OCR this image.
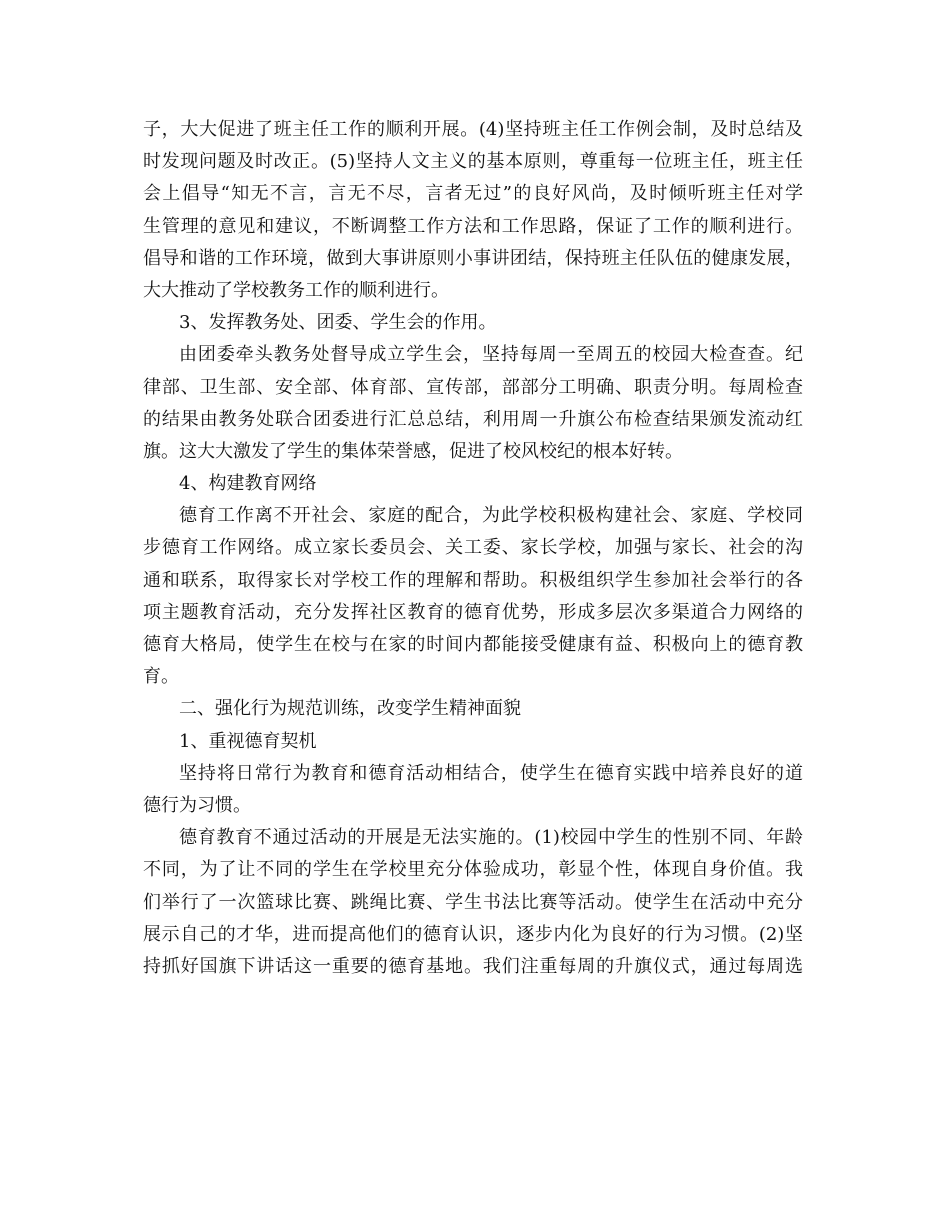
子，大大促进了班主任工作的顺利开展。(4)坚持班主任工作例会制，及时总结及
时发现问题及时改正。(5)坚持人文主义的基本原则，尊重每一位班主任，班主任
会上倡导“知无不言，言无不尽，言者无过”的良好风尚，及时倾听班主任对学
生管理的意见和建议，不断调整工作方法和工作思路，保证了工作的顺利进行。
倡导和谐的工作环境，做到大事讲原则小事讲团结，保持班主任队伍的健康发展，
大大推动了学校教务工作的顺利进行。
3、发挥教务处、团委、学生会的作用。
由团委牵头教务处督导成立学生会，坚持每周一至周五的校园大检查查。纪
律部、卫生部、安全部、体育部、宣传部，部部分工明确、职责分明。每周检查
的结果由教务处联合团委进行汇总总结，利用周一升旗公布检查结果颁发流动红
旗。这大大激发了学生的集体荣誉感，促进了校风校纪的根本好转。
4、构建教育网络
德育工作离不开社会、家庭的配合，为此学校积极构建社会、家庭、学校同
步德育工作网络。成立家长委员会、关工委、家长学校，加强与家长、社会的沟
通和联系，取得家长对学校工作的理解和帮助。积极组织学生参加社会举行的各
项主题教育活动，充分发挥社区教育的德育优势，形成多层次多渠道合力网络的
德育大格局，使学生在校与在家的时间内都能接受健康有益、积极向上的德育教
育。
二、强化行为规范训练，改变学生精神面貌
1、重视德育契机
坚持将日常行为教育和德育活动相结合，使学生在德育实践中培养良好的道
德行为习惯。
德育教育不通过活动的开展是无法实施的。(1)校园中学生的性别不同、年龄
不同，为了让不同的学生在学校里充分体验成功，彰显个性，体现自身价值。我
们举行了一次篮球比赛、跳绳比赛、学生书法比赛等活动。使学生在活动中充分
展示自己的才华，进而提高他们的德育认识，逐步内化为良好的行为习惯。(2)坚
持抓好国旗下讲话这一重要的德育基地。我们注重每周的升旗仪式，通过每周选
